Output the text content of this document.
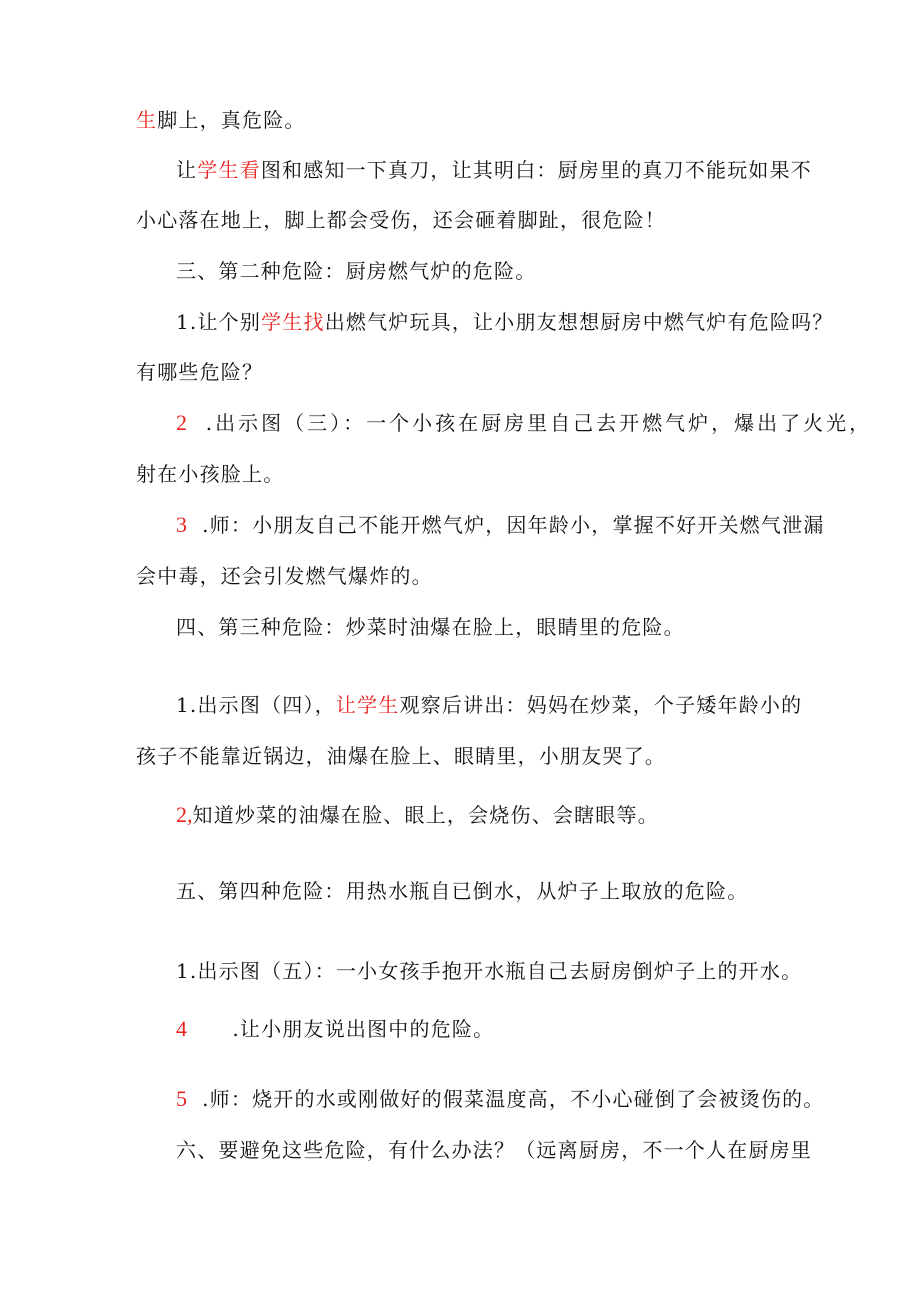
生脚上，真危险。

让学生看图和感知一下真刀，让其明白：厨房里的真刀不能玩如果不

小心落在地上，脚上都会受伤，还会砸着脚趾，很危险！

三、第二种危险：厨房燃气炉的危险。

1.让个别学生找出燃气炉玩具，让小朋友想想厨房中燃气炉有危险吗？

有哪些危险？

2  .出示图（三）：一个小孩在厨房里自己去开燃气炉，爆出了火光，

射在小孩脸上。

3  .师：小朋友自己不能开燃气炉，因年龄小，掌握不好开关燃气泄漏

会中毒，还会引发燃气爆炸的。

四、第三种危险：炒菜时油爆在脸上，眼睛里的危险。

1.出示图（四），让学生观察后讲出：妈妈在炒菜，个子矮年龄小的

孩子不能靠近锅边，油爆在脸上、眼睛里，小朋友哭了。

2,知道炒菜的油爆在脸、眼上，会烧伤、会瞎眼等。

五、第四种危险：用热水瓶自已倒水，从炉子上取放的危险。

1.出示图（五）：一小女孩手抱开水瓶自己去厨房倒炉子上的开水。

4      .让小朋友说出图中的危险。

5  .师：烧开的水或刚做好的假菜温度高，不小心碰倒了会被烫伤的。

六、要避免这些危险，有什么办法？（远离厨房，不一个人在厨房里
